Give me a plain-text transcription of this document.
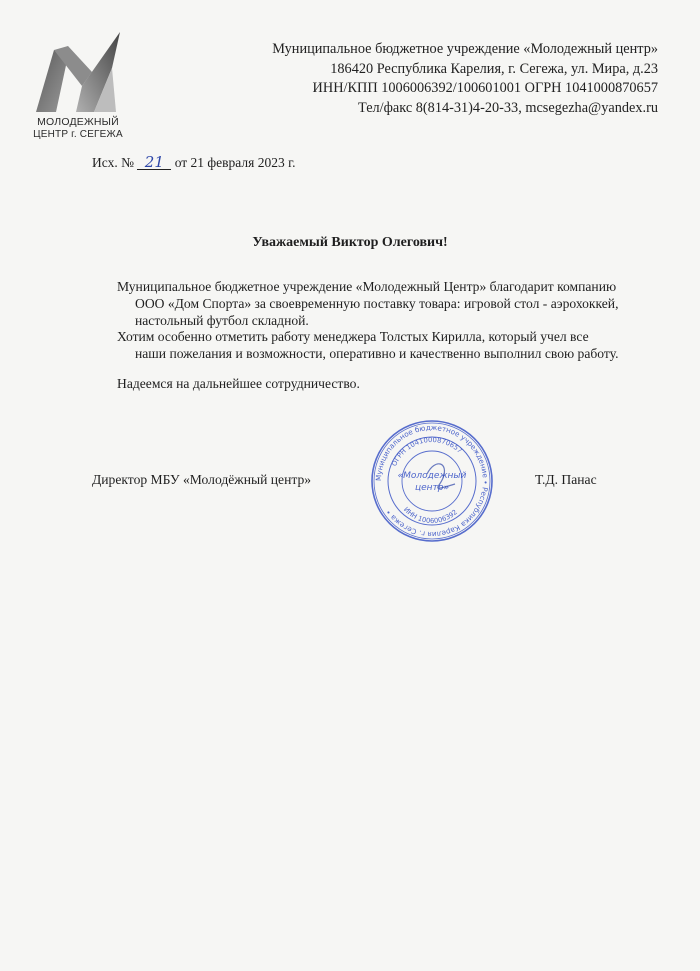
МОЛОДЕЖНЫЙ
ЦЕНТР г. СЕГЕЖА
Муниципальное бюджетное учреждение «Молодежный центр»
186420 Республика Карелия, г. Сегежа, ул. Мира, д.23
ИНН/КПП 1006006392/100601001 ОГРН 1041000870657
Тел/факс 8(814-31)4-20-33, mcsegezha@yandex.ru
Исх. № 21 от 21 февраля 2023 г.
Уважаемый Виктор Олегович!

Муниципальное бюджетное учреждение «Молодежный Центр» благодарит компанию
ООО «Дом Спорта» за своевременную поставку товара: игровой стол - аэрохоккей,
настольный футбол складной.

Хотим особенно отметить работу менеджера Толстых Кирилла, который учел все
наши пожелания и возможности, оперативно и качественно выполнил свою работу.

Надеемся на дальнейшее сотрудничество.
Директор МБУ «Молодёжный центр»	Т.Д. Панас
Муниципальное бюджетное учреждение • Республика Карелия г. Сегежа •
ОГРН 1041000870657
ИНН 1006006392
«Молодежный
центр»
